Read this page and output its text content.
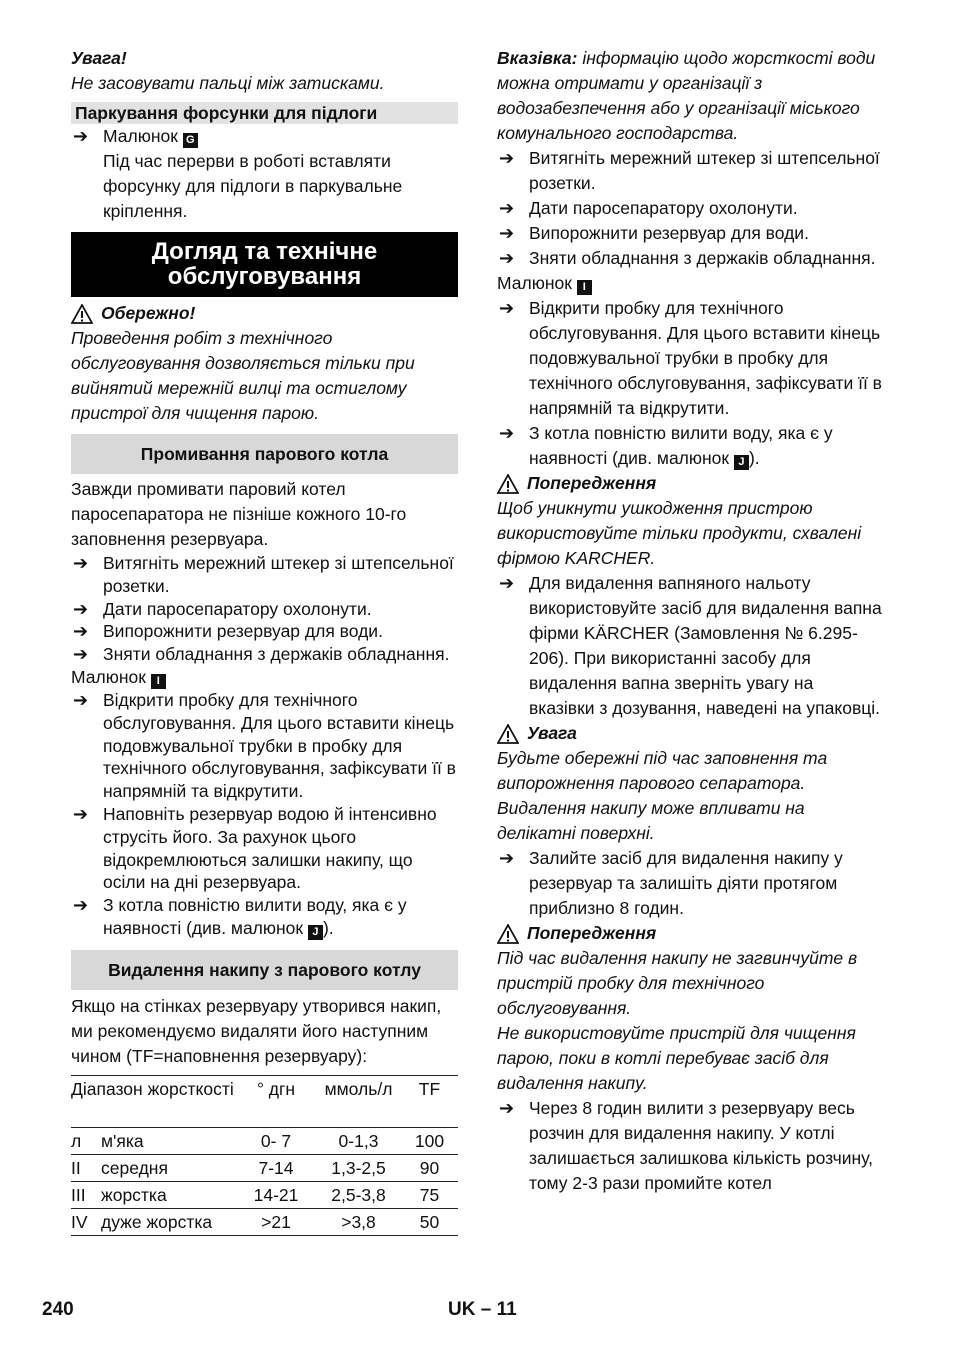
Увага!

Не засовувати пальці між затисками.

Паркування форсунки для підлоги
➔ Малюнок G

Під час перерви в роботі вставляти форсунку для підлоги в паркувальне кріплення.

Догляд та технічне обслуговування
Обережно!

Проведення робіт з технічного обслуговування дозволяється тільки при вийнятий мережній вилці та остиглому пристрої для чищення парою.

Промивання парового котла

Завжди промивати паровий котел паросепаратора не пізніше кожного 10-го заповнення резервуара.

➔ Витягніть мережний штекер зі штепсельної розетки.
➔ Дати паросепаратору охолонути.
➔ Випорожнити резервуар для води.
➔ Зняти обладнання з держаків обладнання.

Малюнок I

➔ Відкрити пробку для технічного обслуговування. Для цього вставити кінець подовжувальної трубки в пробку для технічного обслуговування, зафіксувати її в напрямній та відкрутити.
➔ Наповніть резервуар водою й інтенсивно струсіть його. За рахунок цього відокремлюються залишки накипу, що осіли на дні резервуара.
➔ З котла повністю вилити воду, яка є у наявності (див. малюнок J ).
Видалення накипу з парового котлу

Якщо на стінках резервуару утворився накип, ми рекомендуємо видаляти його наступним чином (TF=наповнення резервуару):

Діапазон жорсткості		° дгн	ммоль/л	TF
л	м'яка	0- 7	0-1,3	100
II	середня	7-14	1,3-2,5	90
III	жорстка	14-21	2,5-3,8	75
IV	дуже жорстка	>21	>3,8	50

Вказівка: інформацію щодо жорсткості води можна отримати у організації з водозабезпечення або у організації міського комунального господарства.

➔ Витягніть мережний штекер зі штепсельної розетки.
➔ Дати паросепаратору охолонути.
➔ Випорожнити резервуар для води.
➔ Зняти обладнання з держаків обладнання.

Малюнок I

➔ Відкрити пробку для технічного обслуговування. Для цього вставити кінець подовжувальної трубки в пробку для технічного обслуговування, зафіксувати її в напрямній та відкрутити.
➔ З котла повністю вилити воду, яка є у наявності (див. малюнок J ).
Попередження

Щоб уникнути ушкодження пристрою використовуйте тільки продукти, схвалені фірмою KARCHER.

➔ Для видалення вапняного нальоту використовуйте засіб для видалення вапна фірми KÄRCHER (Замовлення № 6.295-206). При використанні засобу для видалення вапна зверніть увагу на вказівки з дозування, наведені на упаковці.
Увага

Будьте обережні під час заповнення та випорожнення парового сепаратора. Видалення накипу може впливати на делікатні поверхні.

➔ Залийте засіб для видалення накипу у резервуар та залишіть діяти протягом приблизно 8 годин.
Попередження

Під час видалення накипу не загвинчуйте в пристрій пробку для технічного обслуговування.

Не використовуйте пристрій для чищення парою, поки в котлі перебуває засіб для видалення накипу.

➔ Через 8 годин вилити з резервуару весь розчин для видалення накипу. У котлі залишається залишкова кількість розчину, тому 2-3 рази промийте котел
240	UK – 11
